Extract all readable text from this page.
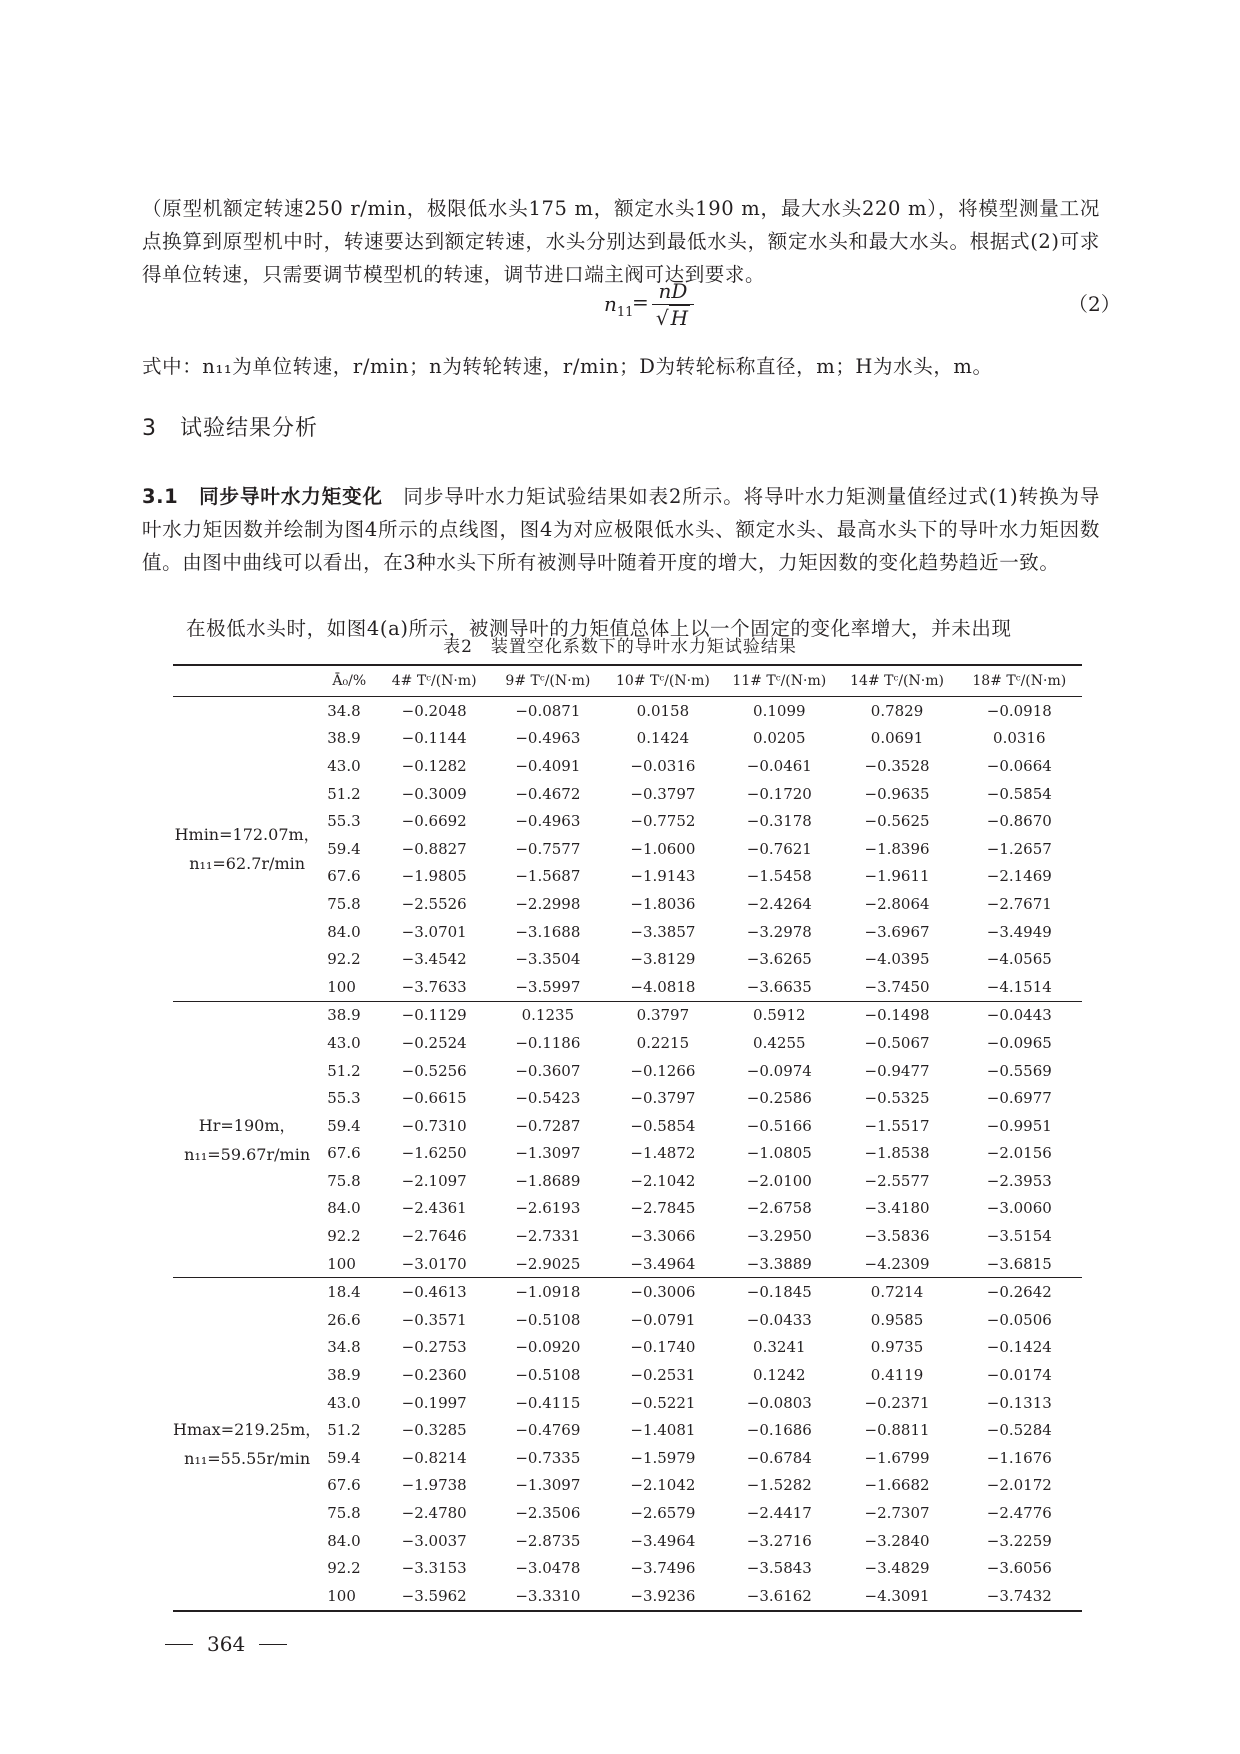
（原型机额定转速250 r/min，极限低水头175 m，额定水头190 m，最大水头220 m），将模型测量工况点换算到原型机中时，转速要达到额定转速，水头分别达到最低水头，额定水头和最大水头。根据式(2)可求得单位转速，只需要调节模型机的转速，调节进口端主阀可达到要求。

$n_{11}$
= nD
√ H
（2）

式中：n₁₁为单位转速，r/min；n为转轮转速，r/min；D为转轮标称直径，m；H为水头，m。

3　试验结果分析

3.1　同步导叶水力矩变化　同步导叶水力矩试验结果如表2所示。将导叶水力矩测量值经过式(1)转换为导叶水力矩因数并绘制为图4所示的点线图，图4为对应极限低水头、额定水头、最高水头下的导叶水力矩因数值。由图中曲线可以看出，在3种水头下所有被测导叶随着开度的增大，力矩因数的变化趋势趋近一致。

在极低水头时，如图4(a)所示，被测导叶的力矩值总体上以一个固定的变化率增大，并未出现

表2　装置空化系数下的导叶水力矩试验结果
	Ā₀/%	4# Tᶜ/(N·m)	9# Tᶜ/(N·m)	10# Tᶜ/(N·m)	11# Tᶜ/(N·m)	14# Tᶜ/(N·m)	18# Tᶜ/(N·m)

Hmin=172.07m，
n₁₁=62.7r/min	34.8	−0.2048	−0.0871	0.0158	0.1099	0.7829	−0.0918
	38.9	−0.1144	−0.4963	0.1424	0.0205	0.0691	0.0316
	43.0	−0.1282	−0.4091	−0.0316	−0.0461	−0.3528	−0.0664
	51.2	−0.3009	−0.4672	−0.3797	−0.1720	−0.9635	−0.5854
	55.3	−0.6692	−0.4963	−0.7752	−0.3178	−0.5625	−0.8670
	59.4	−0.8827	−0.7577	−1.0600	−0.7621	−1.8396	−1.2657
	67.6	−1.9805	−1.5687	−1.9143	−1.5458	−1.9611	−2.1469
	75.8	−2.5526	−2.2998	−1.8036	−2.4264	−2.8064	−2.7671
	84.0	−3.0701	−3.1688	−3.3857	−3.2978	−3.6967	−3.4949
	92.2	−3.4542	−3.3504	−3.8129	−3.6265	−4.0395	−4.0565
	100	−3.7633	−3.5997	−4.0818	−3.6635	−3.7450	−4.1514

Hr=190m，
n₁₁=59.67r/min	38.9	−0.1129	0.1235	0.3797	0.5912	−0.1498	−0.0443
	43.0	−0.2524	−0.1186	0.2215	0.4255	−0.5067	−0.0965
	51.2	−0.5256	−0.3607	−0.1266	−0.0974	−0.9477	−0.5569
	55.3	−0.6615	−0.5423	−0.3797	−0.2586	−0.5325	−0.6977
	59.4	−0.7310	−0.7287	−0.5854	−0.5166	−1.5517	−0.9951
	67.6	−1.6250	−1.3097	−1.4872	−1.0805	−1.8538	−2.0156
	75.8	−2.1097	−1.8689	−2.1042	−2.0100	−2.5577	−2.3953
	84.0	−2.4361	−2.6193	−2.7845	−2.6758	−3.4180	−3.0060
	92.2	−2.7646	−2.7331	−3.3066	−3.2950	−3.5836	−3.5154
	100	−3.0170	−2.9025	−3.4964	−3.3889	−4.2309	−3.6815

Hmax=219.25m，
n₁₁=55.55r/min	18.4	−0.4613	−1.0918	−0.3006	−0.1845	0.7214	−0.2642
	26.6	−0.3571	−0.5108	−0.0791	−0.0433	0.9585	−0.0506
	34.8	−0.2753	−0.0920	−0.1740	0.3241	0.9735	−0.1424
	38.9	−0.2360	−0.5108	−0.2531	0.1242	0.4119	−0.0174
	43.0	−0.1997	−0.4115	−0.5221	−0.0803	−0.2371	−0.1313
	51.2	−0.3285	−0.4769	−1.4081	−0.1686	−0.8811	−0.5284
	59.4	−0.8214	−0.7335	−1.5979	−0.6784	−1.6799	−1.1676
	67.6	−1.9738	−1.3097	−2.1042	−1.5282	−1.6682	−2.0172
	75.8	−2.4780	−2.3506	−2.6579	−2.4417	−2.7307	−2.4776
	84.0	−3.0037	−2.8735	−3.4964	−3.2716	−3.2840	−3.2259
	92.2	−3.3153	−3.0478	−3.7496	−3.5843	−3.4829	−3.6056
	100	−3.5962	−3.3310	−3.9236	−3.6162	−4.3091	−3.7432
364
